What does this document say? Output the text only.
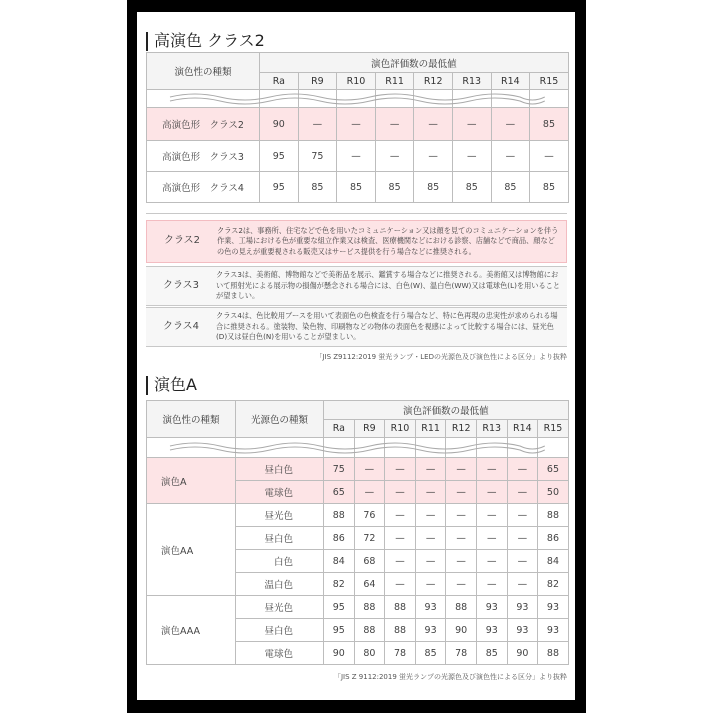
高演色 クラス2
演色性の種類	演色評価数の最低値							
	Ra	R9	R10	R11	R12	R13	R14	R15

高演色形　クラス2	90	—	—	—	—	—	—	85
高演色形　クラス3	95	75	—	—	—	—	—	—
高演色形　クラス4	95	85	85	85	85	85	85	85
クラス2
クラス2は、事務所、住宅などで色を用いたコミュニケーション又は顔を見てのコミュニケーションを伴う作業、工場における色が重要な組立作業又は検査、医療機関などにおける診察、店舗などで商品、顔などの色の見えが重要視される販売又はサービス提供を行う場合などに推奨される。
クラス3
クラス3は、美術館、博物館などで美術品を展示、鑑賞する場合などに推奨される。美術館又は博物館において照射光による展示物の損傷が懸念される場合には、白色(W)、温白色(WW)又は電球色(L)を用いることが望ましい。
クラス4
クラス4は、色比較用ブースを用いて表面色の色検査を行う場合など、特に色再現の忠実性が求められる場合に推奨される。塗装物、染色物、印刷物などの物体の表面色を視感によって比較する場合には、昼光色(D)又は昼白色(N)を用いることが望ましい。
「JIS Z9112:2019 蛍光ランプ・LEDの光源色及び演色性による区分」より抜粋
演色A
演色性の種類	光源色の種類	演色評価数の最低値							
		Ra	R9	R10	R11	R12	R13	R14	R15

演色A	昼白色	75	—	—	—	—	—	—	65
	電球色	65	—	—	—	—	—	—	50
演色AA	昼光色	88	76	—	—	—	—	—	88
	昼白色	86	72	—	—	—	—	—	86
	白色	84	68	—	—	—	—	—	84
	温白色	82	64	—	—	—	—	—	82
演色AAA	昼光色	95	88	88	93	88	93	93	93
	昼白色	95	88	88	93	90	93	93	93
	電球色	90	80	78	85	78	85	90	88
「JIS Z 9112:2019 蛍光ランプの光源色及び演色性による区分」より抜粋
